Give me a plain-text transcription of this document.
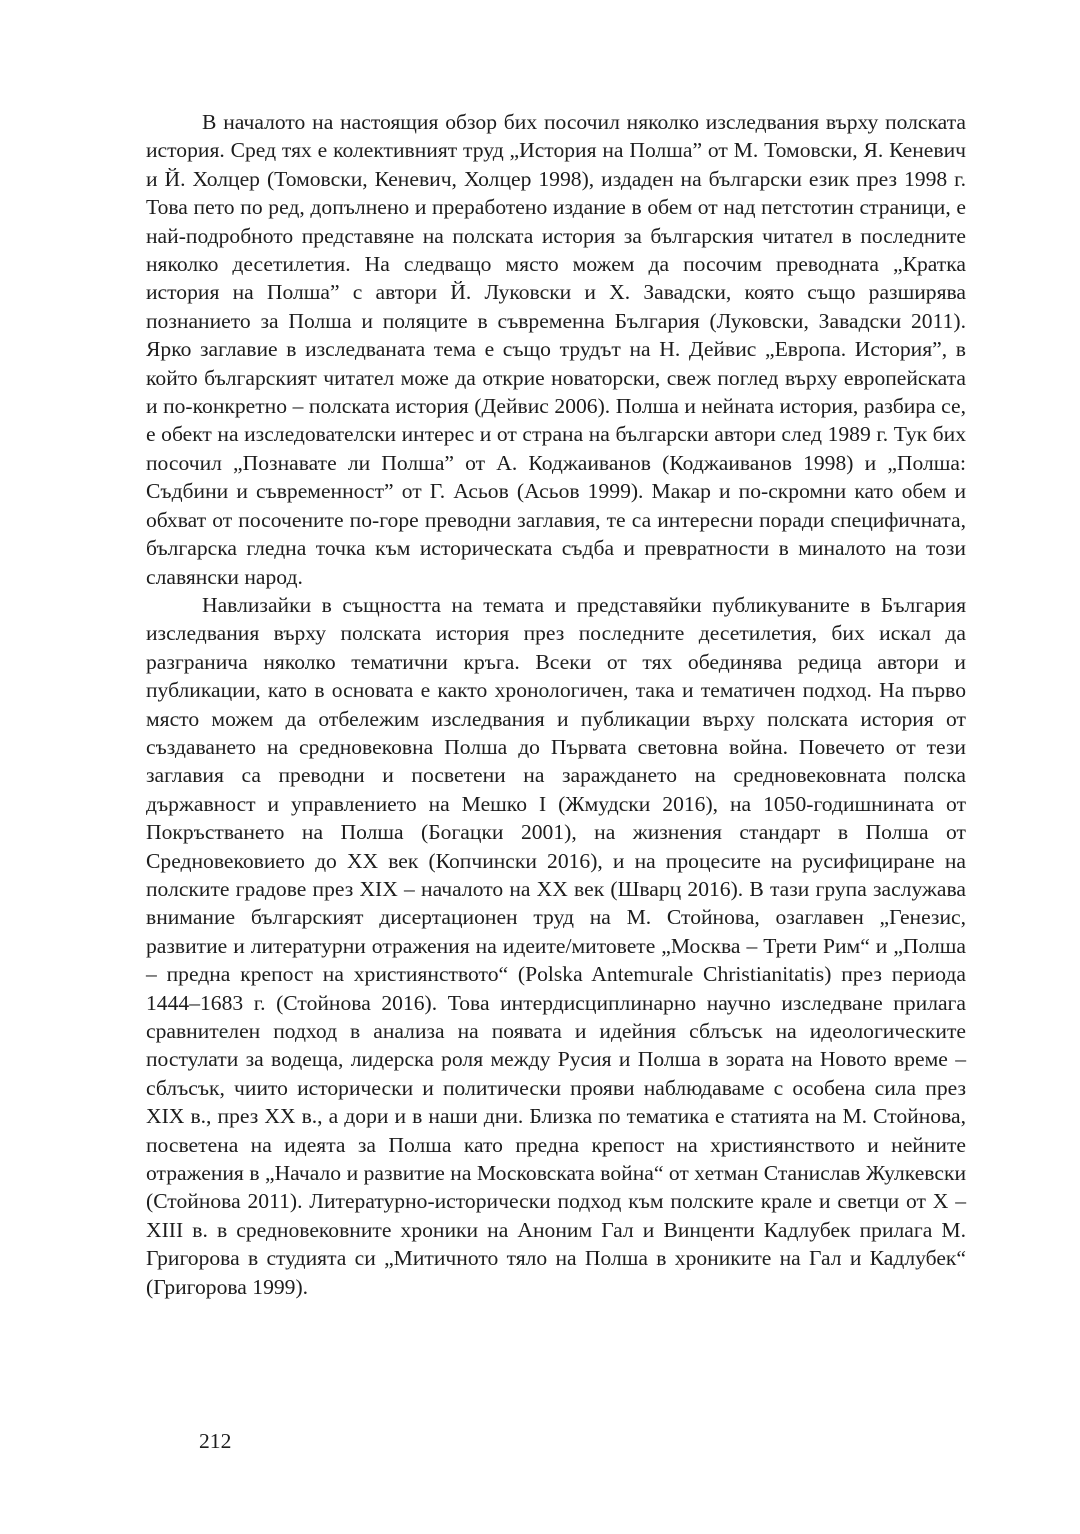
В началото на настоящия обзор бих посочил няколко изследвания върху полската история. Сред тях е колективният труд „История на Полша” от М. Томовски, Я. Кеневич и Й. Холцер (Томовски, Кеневич, Холцер 1998), издаден на български език през 1998 г. Това пето по ред, допълнено и преработено издание в обем от над петстотин страници, е най-подробното представяне на полската история за българския читател в последните няколко десетилетия. На следващо място можем да посочим преводната „Кратка история на Полша” с автори Й. Луковски и Х. Завадски, която също разширява познанието за Полша и поляците в съвременна България (Луковски, Завадски 2011). Ярко заглавие в изследваната тема е също трудът на Н. Дейвис „Европа. История”, в който българският читател може да открие новаторски, свеж поглед върху европейската и по-конкретно – полската история (Дейвис 2006). Полша и нейната история, разбира се, е обект на изследователски интерес и от страна на български автори след 1989 г. Тук бих посочил „Познавате ли Полша” от А. Коджаиванов (Коджаиванов 1998) и „Полша: Съдбини и съвременност” от Г. Асьов (Асьов 1999). Макар и по-скромни като обем и обхват от посочените по-горе преводни заглавия, те са интересни поради специфичната, българска гледна точка към историческата съдба и превратности в миналото на този славянски народ.

Навлизайки в същността на темата и представяйки публикуваните в България изследвания върху полската история през последните десетилетия, бих искал да разгранича няколко тематични кръга. Всеки от тях обединява редица автори и публикации, като в основата е както хронологичен, така и тематичен подход. На първо място можем да отбележим изследвания и публикации върху полската история от създаването на средновековна Полша до Първата световна война. Повечето от тези заглавия са преводни и посветени на зараждането на средновековната полска държавност и управлението на Мешко I (Жмудски 2016), на 1050-годишнината от Покръстването на Полша (Богацки 2001), на жизнения стандарт в Полша от Средновековието до XX век (Копчински 2016), и на процесите на русифициране на полските градове през XIX – началото на XX век (Шварц 2016). В тази група заслужава внимание българският дисертационен труд на М. Стойнова, озаглавен „Генезис, развитие и литературни отражения на идеите/митовете „Москва – Трети Рим“ и „Полша – предна крепост на християнството“ (Polska Antemurale Christianitatis) през периода 1444–1683 г. (Стойнова 2016). Това интердисциплинарно научно изследване прилага сравнителен подход в анализа на появата и идейния сблъсък на идеологическите постулати за водеща, лидерска роля между Русия и Полша в зората на Новото време – сблъсък, чиито исторически и политически прояви наблюдаваме с особена сила през XIX в., през XX в., а дори и в наши дни. Близка по тематика е статията на М. Стойнова, посветена на идеята за Полша като предна крепост на християнството и нейните отражения в „Начало и развитие на Московската война“ от хетман Станислав Жулкевски (Стойнова 2011). Литературно-исторически подход към полските крале и светци от X – XIII в. в средновековните хроники на Аноним Гал и Винценти Кадлубек прилага М. Григорова в студията си „Митичното тяло на Полша в хрониките на Гал и Кадлубек“ (Григорова 1999).

212
